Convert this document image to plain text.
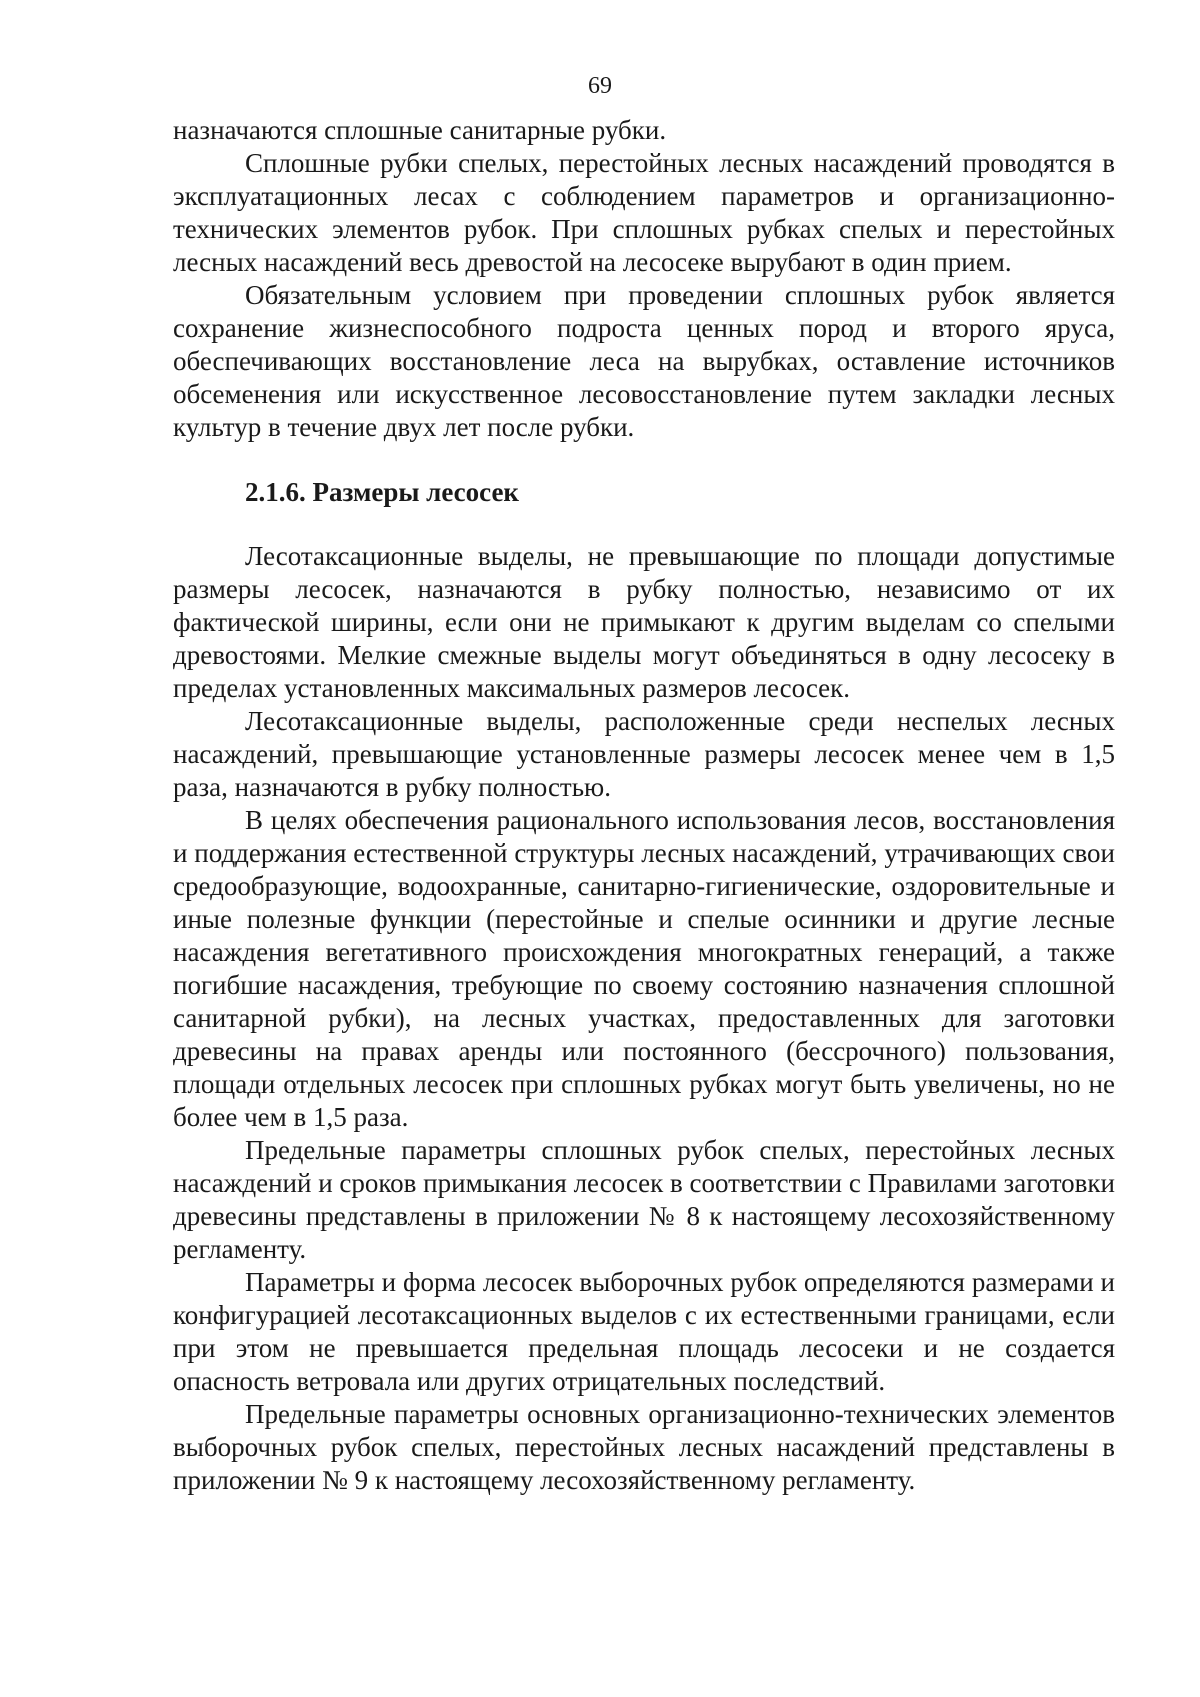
69

назначаются сплошные санитарные рубки.

Сплошные рубки спелых, перестойных лесных насаждений проводятся в эксплуатационных лесах с соблюдением параметров и организационно-технических элементов рубок. При сплошных рубках спелых и перестойных лесных насаждений весь древостой на лесосеке вырубают в один прием.

Обязательным условием при проведении сплошных рубок является сохранение жизнеспособного подроста ценных пород и второго яруса, обеспечивающих восстановление леса на вырубках, оставление источников обсеменения или искусственное лесовосстановление путем закладки лесных культур в течение двух лет после рубки.

2.1.6. Размеры лесосек

Лесотаксационные выделы, не превышающие по площади допустимые размеры лесосек, назначаются в рубку полностью, независимо от их фактической ширины, если они не примыкают к другим выделам со спелыми древостоями. Мелкие смежные выделы могут объединяться в одну лесосеку в пределах установленных максимальных размеров лесосек.

Лесотаксационные выделы, расположенные среди неспелых лесных насаждений, превышающие установленные размеры лесосек менее чем в 1,5 раза, назначаются в рубку полностью.

В целях обеспечения рационального использования лесов, восстановления и поддержания естественной структуры лесных насаждений, утрачивающих свои средообразующие, водоохранные, санитарно-гигиенические, оздоровительные и иные полезные функции (перестойные и спелые осинники и другие лесные насаждения вегетативного происхождения многократных генераций, а также погибшие насаждения, требующие по своему состоянию назначения сплошной санитарной рубки), на лесных участках, предоставленных для заготовки древесины на правах аренды или постоянного (бессрочного) пользования, площади отдельных лесосек при сплошных рубках могут быть увеличены, но не более чем в 1,5 раза.

Предельные параметры сплошных рубок спелых, перестойных лесных насаждений и сроков примыкания лесосек в соответствии с Правилами заготовки древесины представлены в приложении № 8 к настоящему лесохозяйственному регламенту.

Параметры и форма лесосек выборочных рубок определяются размерами и конфигурацией лесотаксационных выделов с их естественными границами, если при этом не превышается предельная площадь лесосеки и не создается опасность ветровала или других отрицательных последствий.

Предельные параметры основных организационно-технических элементов выборочных рубок спелых, перестойных лесных насаждений представлены в приложении № 9 к настоящему лесохозяйственному регламенту.
